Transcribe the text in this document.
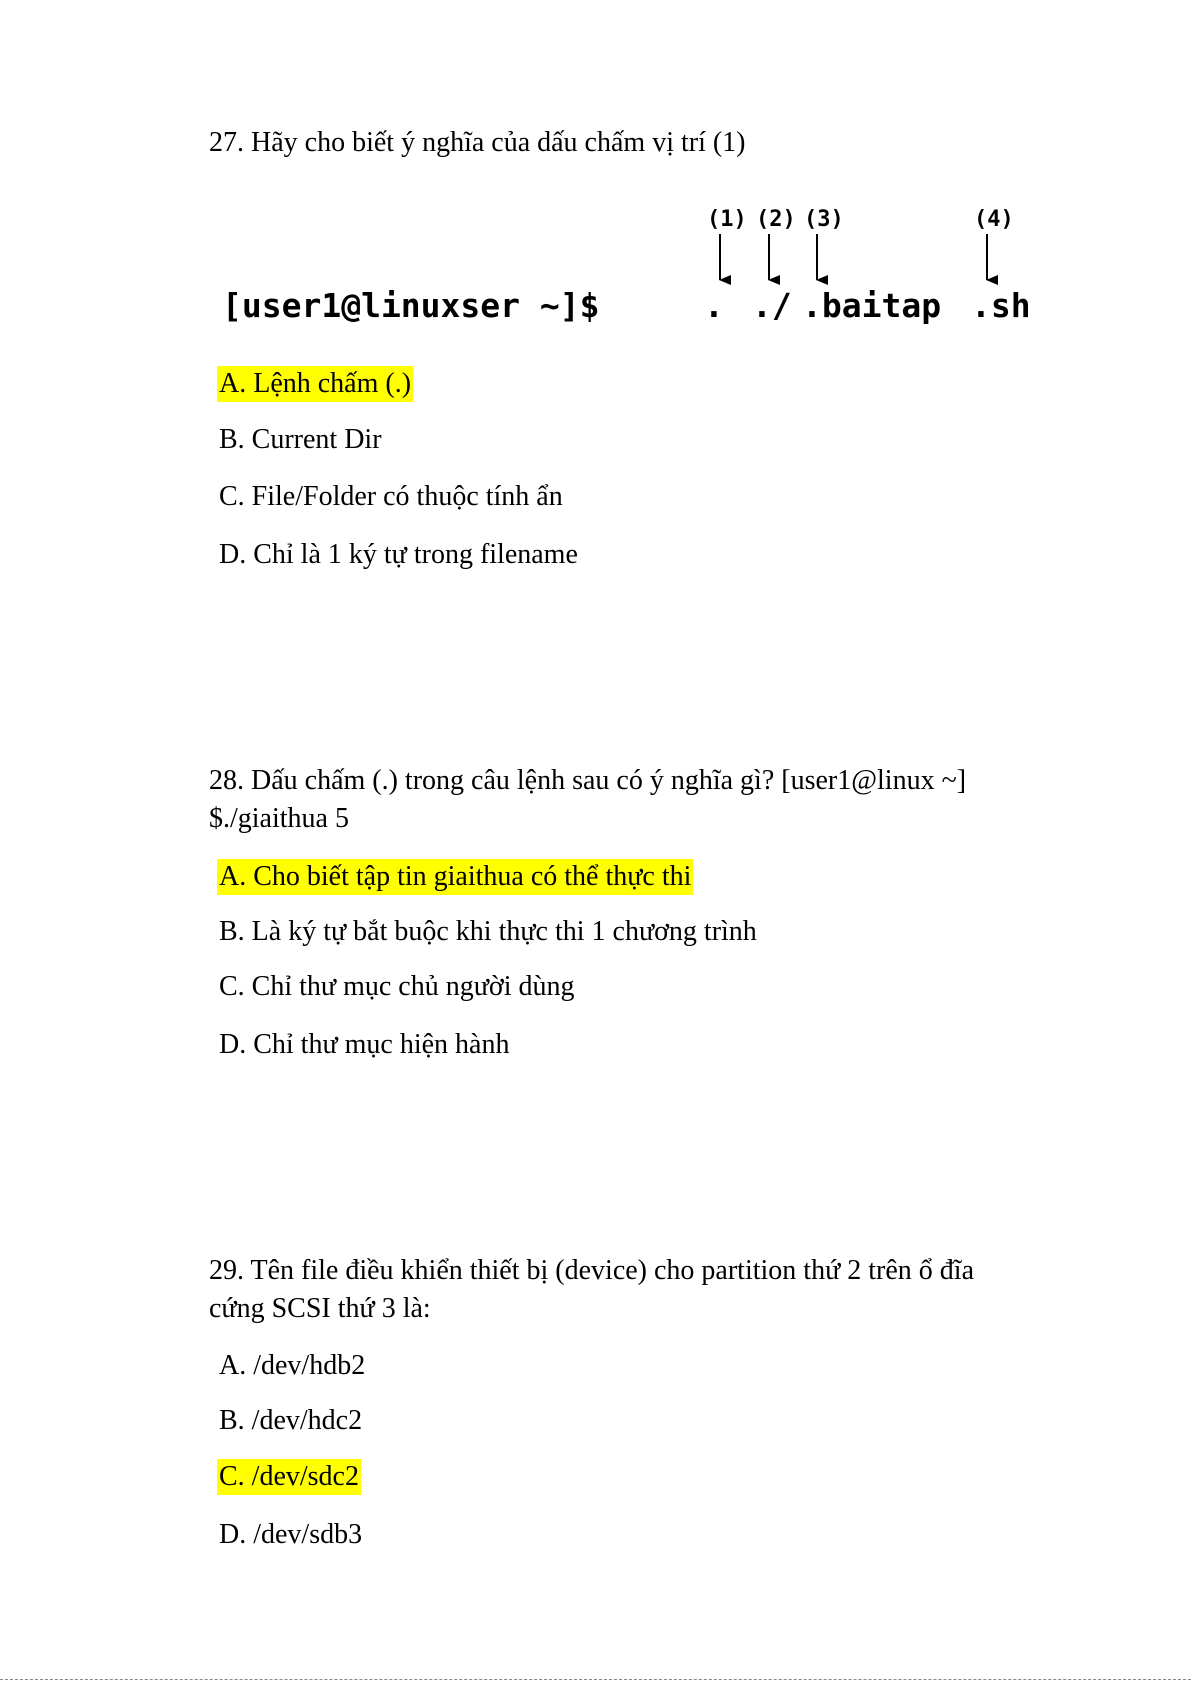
27. Hãy cho biết ý nghĩa của dấu chấm vị trí (1)
(1) (2) (3)	(4)
[user1@linuxser ~]$	. ./ .baitap .sh
A. Lệnh chấm (.)
B. Current Dir
C. File/Folder có thuộc tính ẩn
D. Chỉ là 1 ký tự trong filename
28. Dấu chấm (.) trong câu lệnh sau có ý nghĩa gì? [user1@linux ~]
$./giaithua 5
A. Cho biết tập tin giaithua có thể thực thi
B. Là ký tự bắt buộc khi thực thi 1 chương trình
C. Chỉ thư mục chủ người dùng
D. Chỉ thư mục hiện hành
29. Tên file điều khiển thiết bị (device) cho partition thứ 2 trên ổ đĩa
cứng SCSI thứ 3 là:
A. /dev/hdb2
B. /dev/hdc2
C. /dev/sdc2
D. /dev/sdb3
